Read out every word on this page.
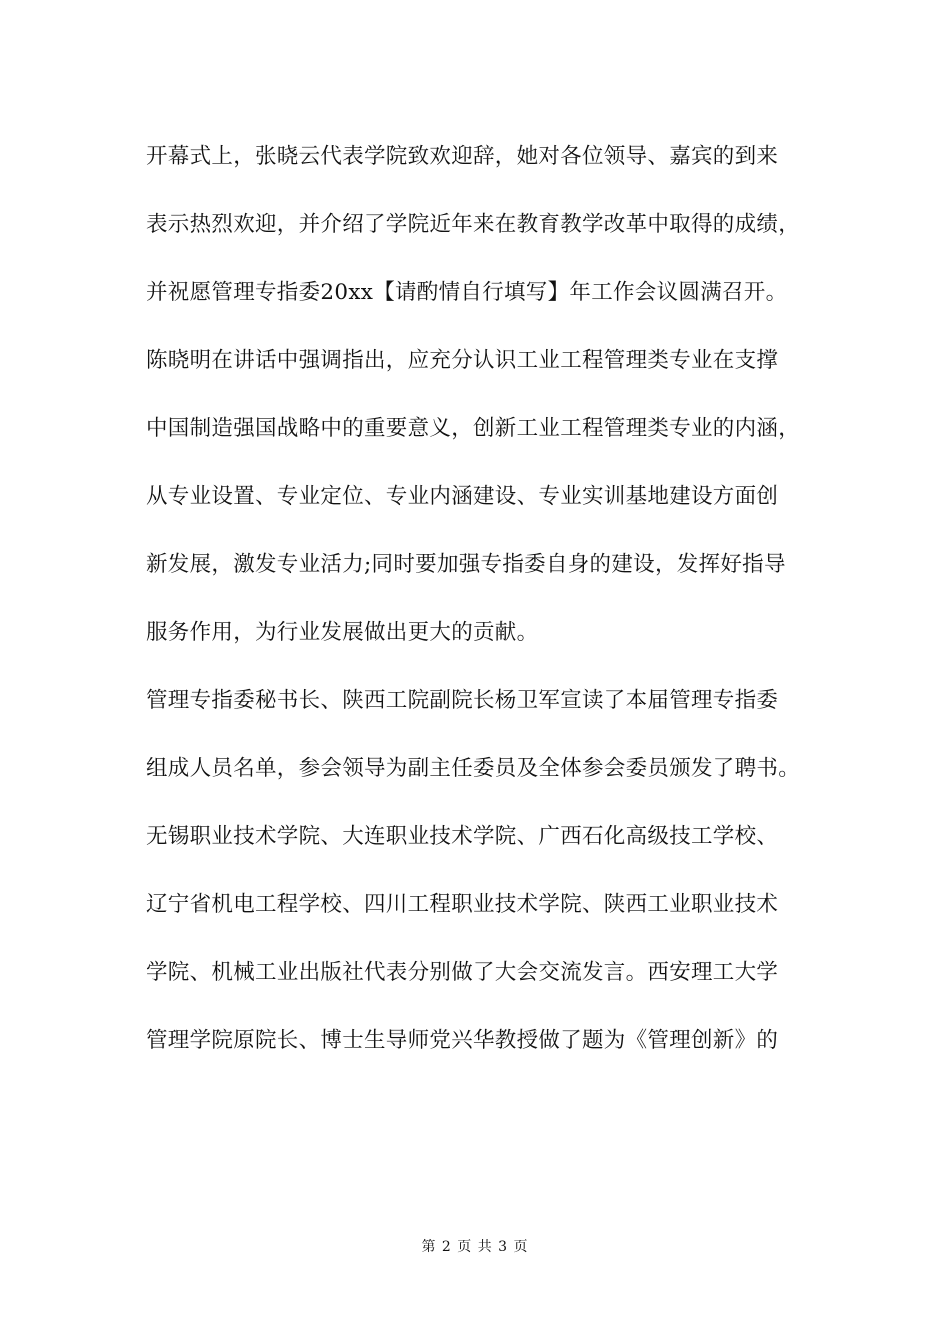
开幕式上，张晓云代表学院致欢迎辞，她对各位领导、嘉宾的到来
表示热烈欢迎，并介绍了学院近年来在教育教学改革中取得的成绩，
并祝愿管理专指委20xx【请酌情自行填写】年工作会议圆满召开。
陈晓明在讲话中强调指出，应充分认识工业工程管理类专业在支撑
中国制造强国战略中的重要意义，创新工业工程管理类专业的内涵，
从专业设置、专业定位、专业内涵建设、专业实训基地建设方面创
新发展，激发专业活力;同时要加强专指委自身的建设，发挥好指导
服务作用，为行业发展做出更大的贡献。
管理专指委秘书长、陕西工院副院长杨卫军宣读了本届管理专指委
组成人员名单，参会领导为副主任委员及全体参会委员颁发了聘书。
无锡职业技术学院、大连职业技术学院、广西石化高级技工学校、
辽宁省机电工程学校、四川工程职业技术学院、陕西工业职业技术
学院、机械工业出版社代表分别做了大会交流发言。西安理工大学
管理学院原院长、博士生导师党兴华教授做了题为《管理创新》的
第 2 页 共 3 页
